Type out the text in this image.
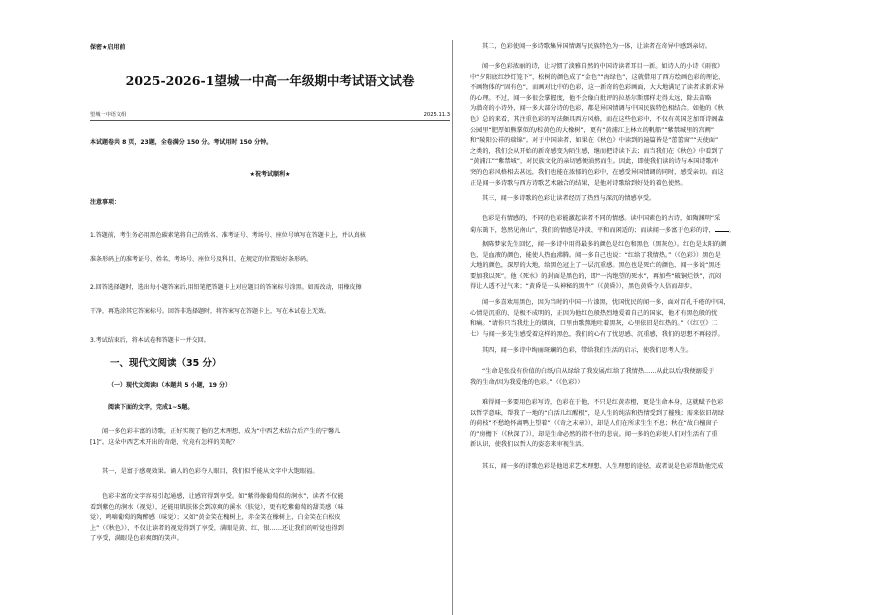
保密★启用前
2025-2026-1望城一中高一年级期中考试语文试卷
望城一中语文组	2025.11.3
本试题卷共 8 页，23题，全卷满分 150 分。考试用时 150 分钟。
★祝考试顺利★
注意事项：
1.答题前，考生务必用黑色碳素笔将自己的姓名、准考证号、考场号、座位号填写在答题卡上，并认真核
准条形码上的准考证号、姓名、考场号、座位号及科目，在规定的位置贴好条形码。
2.回答选择题时，选出每小题答案后,用铅笔把答题卡上对应题目的答案标号涂黑。如需改动，用橡皮擦
干净，再选涂其它答案标号。回答非选择题时，将答案写在答题卡上，写在本试卷上无效。
3.考试结束后，将本试卷和答题卡一并交回。
一、现代文阅读（35 分）
（一）现代文阅读Ⅰ（本题共 5 小题，19 分）
阅读下面的文字，完成1~5题。

闻一多色彩丰富的诗歌，正好实现了他的艺术理想，成为“中西艺术结合后产生的宁馨儿

[1]”。这朵中西艺术开出的奇葩，究竟有怎样的美呢？

其一，是富于感观效果。诵人的色彩夺人眼目，我们似乎能从文字中大饱眼福。

色彩丰富的文字容易引起通感，让感官得到享受。如“紫得像葡萄似的涧水”，读者不仅能

看到紫色的涧水（视觉），还能用肌肤体会到凉爽的溪水（肤觉），更有吃紫葡萄的甜美感（味

觉），鸣嘀葡萄的陶醉感（味觉）；又如“黄金笑在槐树上，赤金笑在橡树上，白金笑在白松皮

上”（《秋色》），不仅让读者的视觉得到了享受，满眼是黄、红、银……还让我们的听觉也得到

了享受，满眼是色彩爽朗的笑声。

其二，色彩使闻一多诗歌集异国情调与民族特色为一体，让读者在奇异中感到亲切。

闻一多色彩浓丽的诗，让习惯了淡雅自然的中国诗读者耳目一新。如诗人的小诗《雨夜》

中“夕阳底红纱灯笼下”，松树的颜色成了“金色”“海绿色”，这就借用了西方绘画色彩的理论，

不画物体的“固有色”，而画对比中的色彩，这一新奇的色彩画面，大大地满足了读者求新求异

的心理。不过，闻一多很会掌握度，他不会像白批评的拉基尔斯那样走得太远，除去苗略

为潜奇的小诗外，闻一多大部分诗的色彩，都是异国情调与中国民族特色相结合。如他的《秋

色》总的来看，其注重色彩的写法颇具西方风格，而在这些色彩中，不仅有英国芝加哥诗阁森

公园里“肥厚如熊掌似的/棕黄色的大橡树”，更有“黄浦江上林立的帆船”“紫禁城里的宫阙”

和“陵阳公祥的瑞锦”。对于中国读者，如果在《秋色》中读到的遍篇皆是“蕾蕾窗”“天使面”

之类的，我们会从开始的新奇感变为陌生感，继而把诗读下去；而当我们在《秋色》中看到了

“黄浦江”“紫禁城”，对民族文化的亲切感便油然而生。因此，即使我们读的诗与本国诗歌冲

突的色彩风格相去甚远，我们也能在浓郁的色彩中，在感受异国情调的同时，感受亲切。而这

正是闻一多诗歌与西方诗歌艺术融合的结果，是他对诗歌给到好处的着色使然。

其三，闻一多诗歌的色彩让读者经历了热烈与深沉的情感享受。

色彩是有情感的，不同的色彩能激起读者不同的情感。读中国素色的古诗，如陶渊明“采

菊东篱下，悠然见南山”，我们的情感是冲淡、平和而闲适的；而读闻一多富于色彩的诗， 。

据陈梦家先生回忆，闻一多诗中用得最多的颜色是红色和黑色（黑灰色）。红色是太阳的颜

色，是血液的颜色，能使人热血沸腾。闻一多自己也说：“红给了我情热。”（《色彩》）黑色是

大地的颜色，深厚的大地，给黑色冠上了一层沉重感。黑色也是死亡的颜色，闻一多说“黑还

要加我以死”。他《死水》的封面是黑色的，即“一沟绝望的死水”，再加些“破铜烂铁”，沉闷

得让人透不过气来；“黄昏是一头神秘的黑牛”（《黄昏》），黑色黄昏令人倍而却步。

闻一多喜欢用黑色，因为当时的中国一片漆黑，忧国忧民的闻一多，面对百孔千疮的中国，

心情是沉重的，是极不成明的，正因为他红色般热烈地爱着自己的国家，他才有黑色般的忧

和痛。“请你只当我灶上的烟囱，口里由歌熬地吐着黑灰，心里依旧是红热的。”（《红豆》二

七）与闻一多先生感受着这样的黑色，我们的心有了忧思感、沉重感，我们的思想不再轻浮。

其四，闻一多诗中绚丽斑斓的色彩，带给我们生活的启示，使我们思考人生。

“生命是张没有价值的白纸/自从绿给了我发展/红给了我情热……从此以后/我便溺爱于

我的生命/因为我爱他的色彩。”（《色彩》）

难得闻一多要用色彩写诗，色彩在于他，不只是红黄赤橙，更是生命本身，这就赋予色彩

以哲学意味，帮我了一地的“白活儿红醒根”，是人生的纯洁和热情受到了摧残；需来依旧胡绿

的荷枝“不愁绝怀离鸭上望着”（《奇之末章》），却是人们在所求生生不息；秋在“故白檀窗子

的”房檐下（《秋深了》），却是生命必然的指不住的悲哀。闻一多的色彩使人们对生活有了重

新认识，使我们以哲人的姿态来审视生活。

其五，闻一多的诗歌色彩是他追求艺术理想、人生理想的途径，或者说是色彩帮助他完成
